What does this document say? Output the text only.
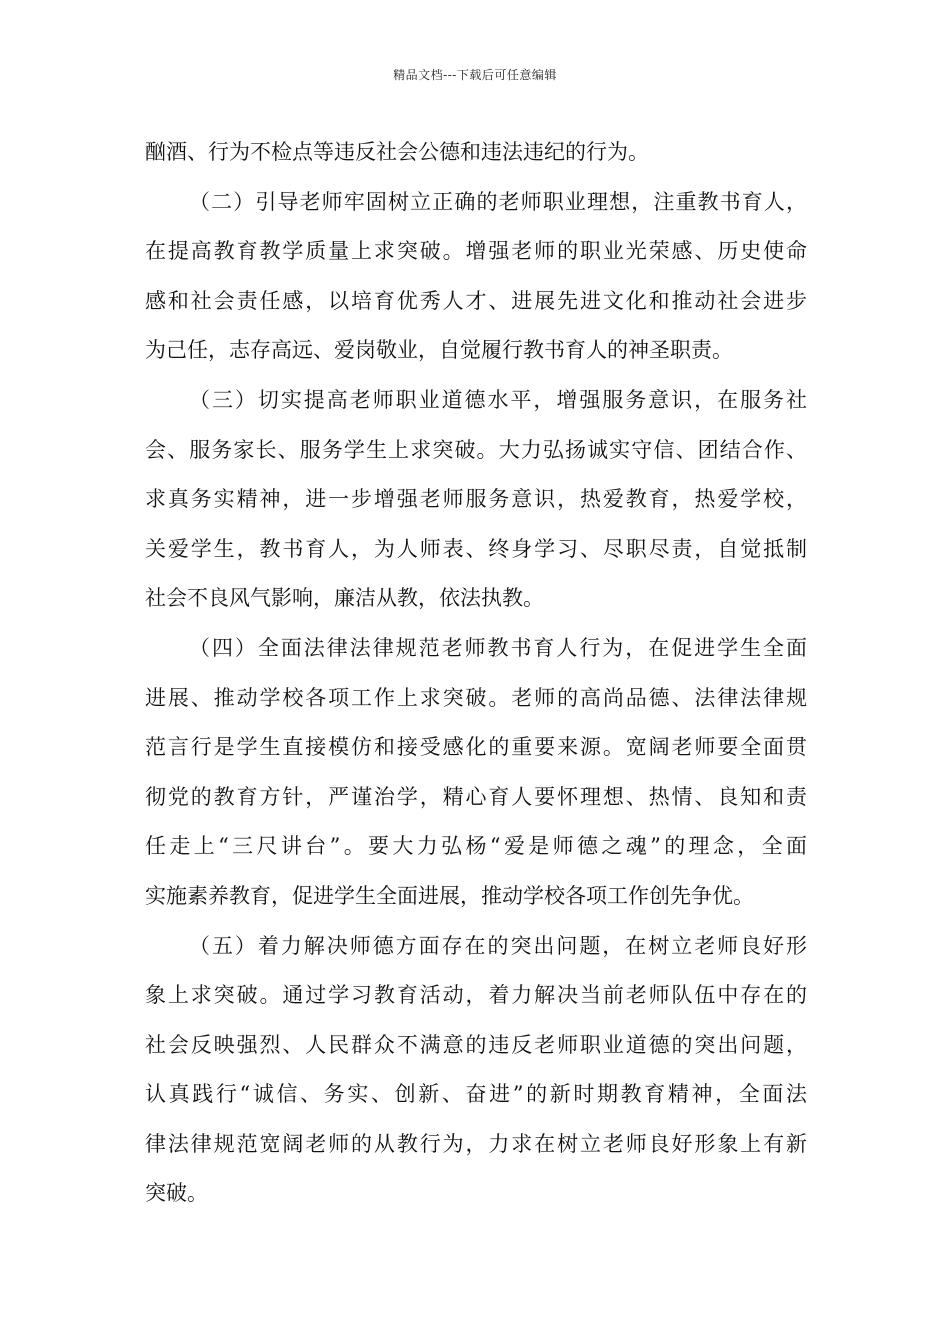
精品文档---下载后可任意编辑
酗酒、行为不检点等违反社会公德和违法违纪的行为。
（二）引导老师牢固树立正确的老师职业理想，注重教书育人，
在提高教育教学质量上求突破。增强老师的职业光荣感、历史使命
感和社会责任感，以培育优秀人才、进展先进文化和推动社会进步
为己任，志存高远、爱岗敬业，自觉履行教书育人的神圣职责。
（三）切实提高老师职业道德水平，增强服务意识，在服务社
会、服务家长、服务学生上求突破。大力弘扬诚实守信、团结合作、
求真务实精神，进一步增强老师服务意识，热爱教育，热爱学校，
关爱学生，教书育人，为人师表、终身学习、尽职尽责，自觉抵制
社会不良风气影响，廉洁从教，依法执教。
（四）全面法律法律规范老师教书育人行为，在促进学生全面
进展、推动学校各项工作上求突破。老师的高尚品德、法律法律规
范言行是学生直接模仿和接受感化的重要来源。宽阔老师要全面贯
彻党的教育方针，严谨治学，精心育人要怀理想、热情、良知和责
任走上“三尺讲台”。要大力弘杨“爱是师德之魂”的理念，全面
实施素养教育，促进学生全面进展，推动学校各项工作创先争优。
（五）着力解决师德方面存在的突出问题，在树立老师良好形
象上求突破。通过学习教育活动，着力解决当前老师队伍中存在的
社会反映强烈、人民群众不满意的违反老师职业道德的突出问题，
认真践行“诚信、务实、创新、奋进”的新时期教育精神，全面法
律法律规范宽阔老师的从教行为，力求在树立老师良好形象上有新
突破。
